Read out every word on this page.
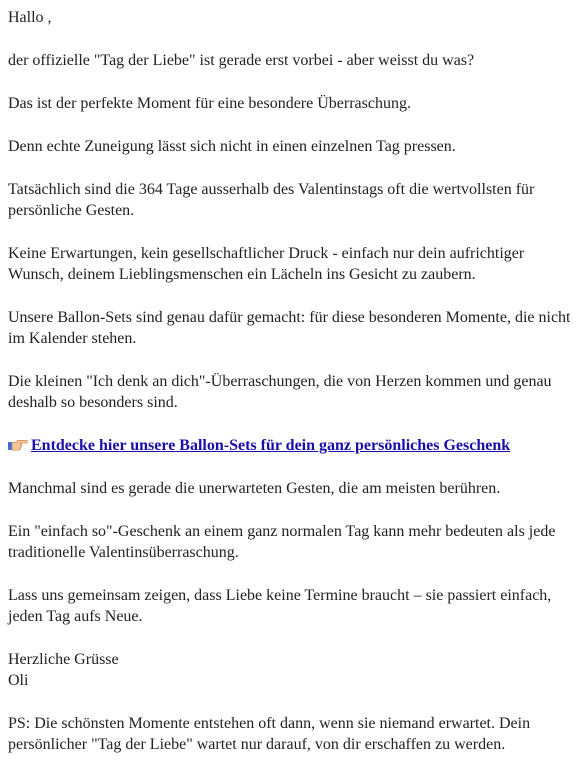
Hallo ,

der offizielle "Tag der Liebe" ist gerade erst vorbei - aber weisst du was?

Das ist der perfekte Moment für eine besondere Überraschung.

Denn echte Zuneigung lässt sich nicht in einen einzelnen Tag pressen.

Tatsächlich sind die 364 Tage ausserhalb des Valentinstags oft die wertvollsten für persönliche Gesten.

Keine Erwartungen, kein gesellschaftlicher Druck - einfach nur dein aufrichtiger Wunsch, deinem Lieblingsmenschen ein Lächeln ins Gesicht zu zaubern.

Unsere Ballon-Sets sind genau dafür gemacht: für diese besonderen Momente, die nicht im Kalender stehen.

Die kleinen "Ich denk an dich"-Überraschungen, die von Herzen kommen und genau deshalb so besonders sind.

Entdecke hier unsere Ballon-Sets für dein ganz persönliches Geschenk

Manchmal sind es gerade die unerwarteten Gesten, die am meisten berühren.

Ein "einfach so"-Geschenk an einem ganz normalen Tag kann mehr bedeuten als jede traditionelle Valentinsüberraschung.

Lass uns gemeinsam zeigen, dass Liebe keine Termine braucht – sie passiert einfach, jeden Tag aufs Neue.

Herzliche Grüsse
Oli

PS: Die schönsten Momente entstehen oft dann, wenn sie niemand erwartet. Dein persönlicher "Tag der Liebe" wartet nur darauf, von dir erschaffen zu werden.
